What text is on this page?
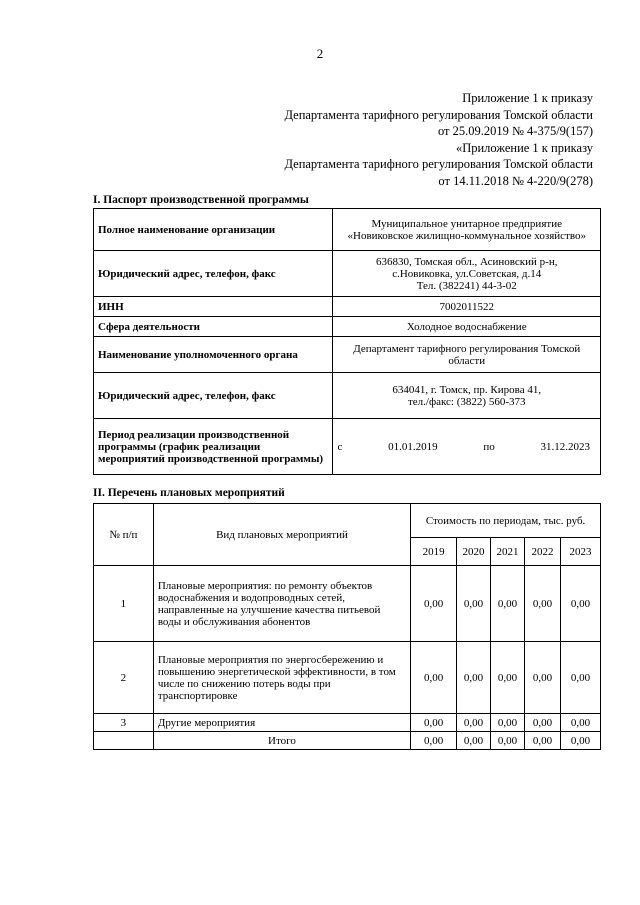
2
Приложение 1 к приказу
Департамента тарифного регулирования Томской области
от 25.09.2019 № 4-375/9(157)
«Приложение 1 к приказу
Департамента тарифного регулирования Томской области
от 14.11.2018 № 4-220/9(278)
I. Паспорт производственной программы
Полное наименование организации	Муниципальное унитарное предприятие «Новиковское жилищно-коммунальное хозяйство»
Юридический адрес, телефон, факс	636830, Томская обл., Асиновский р-н,
с.Новиковка, ул.Советская, д.14
Тел. (382241) 44-3-02

ИНН	7002011522
Сфера деятельности	Холодное водоснабжение
Наименование уполномоченного органа	Департамент тарифного регулирования Томской области
Юридический адрес, телефон, факс	634041, г. Томск, пр. Кирова 41,
тел./факс: (3822) 560-373

Период реализации производственной программы (график реализации мероприятий производственной программы)	с 01.01.2019 по 31.12.2023
II. Перечень плановых мероприятий
№ п/п	Вид плановых мероприятий	Стоимость по периодам, тыс. руб.				
		2019	2020	2021	2022	2023
1	Плановые мероприятия: по ремонту объектов водоснабжения и водопроводных сетей, направленные на улучшение качества питьевой воды и обслуживания абонентов	0,00	0,00	0,00	0,00	0,00
2	Плановые мероприятия по энергосбережению и повышению энергетической эффективности, в том числе по снижению потерь воды при транспортировке	0,00	0,00	0,00	0,00	0,00
3	Другие мероприятия	0,00	0,00	0,00	0,00	0,00
	Итого	0,00	0,00	0,00	0,00	0,00
